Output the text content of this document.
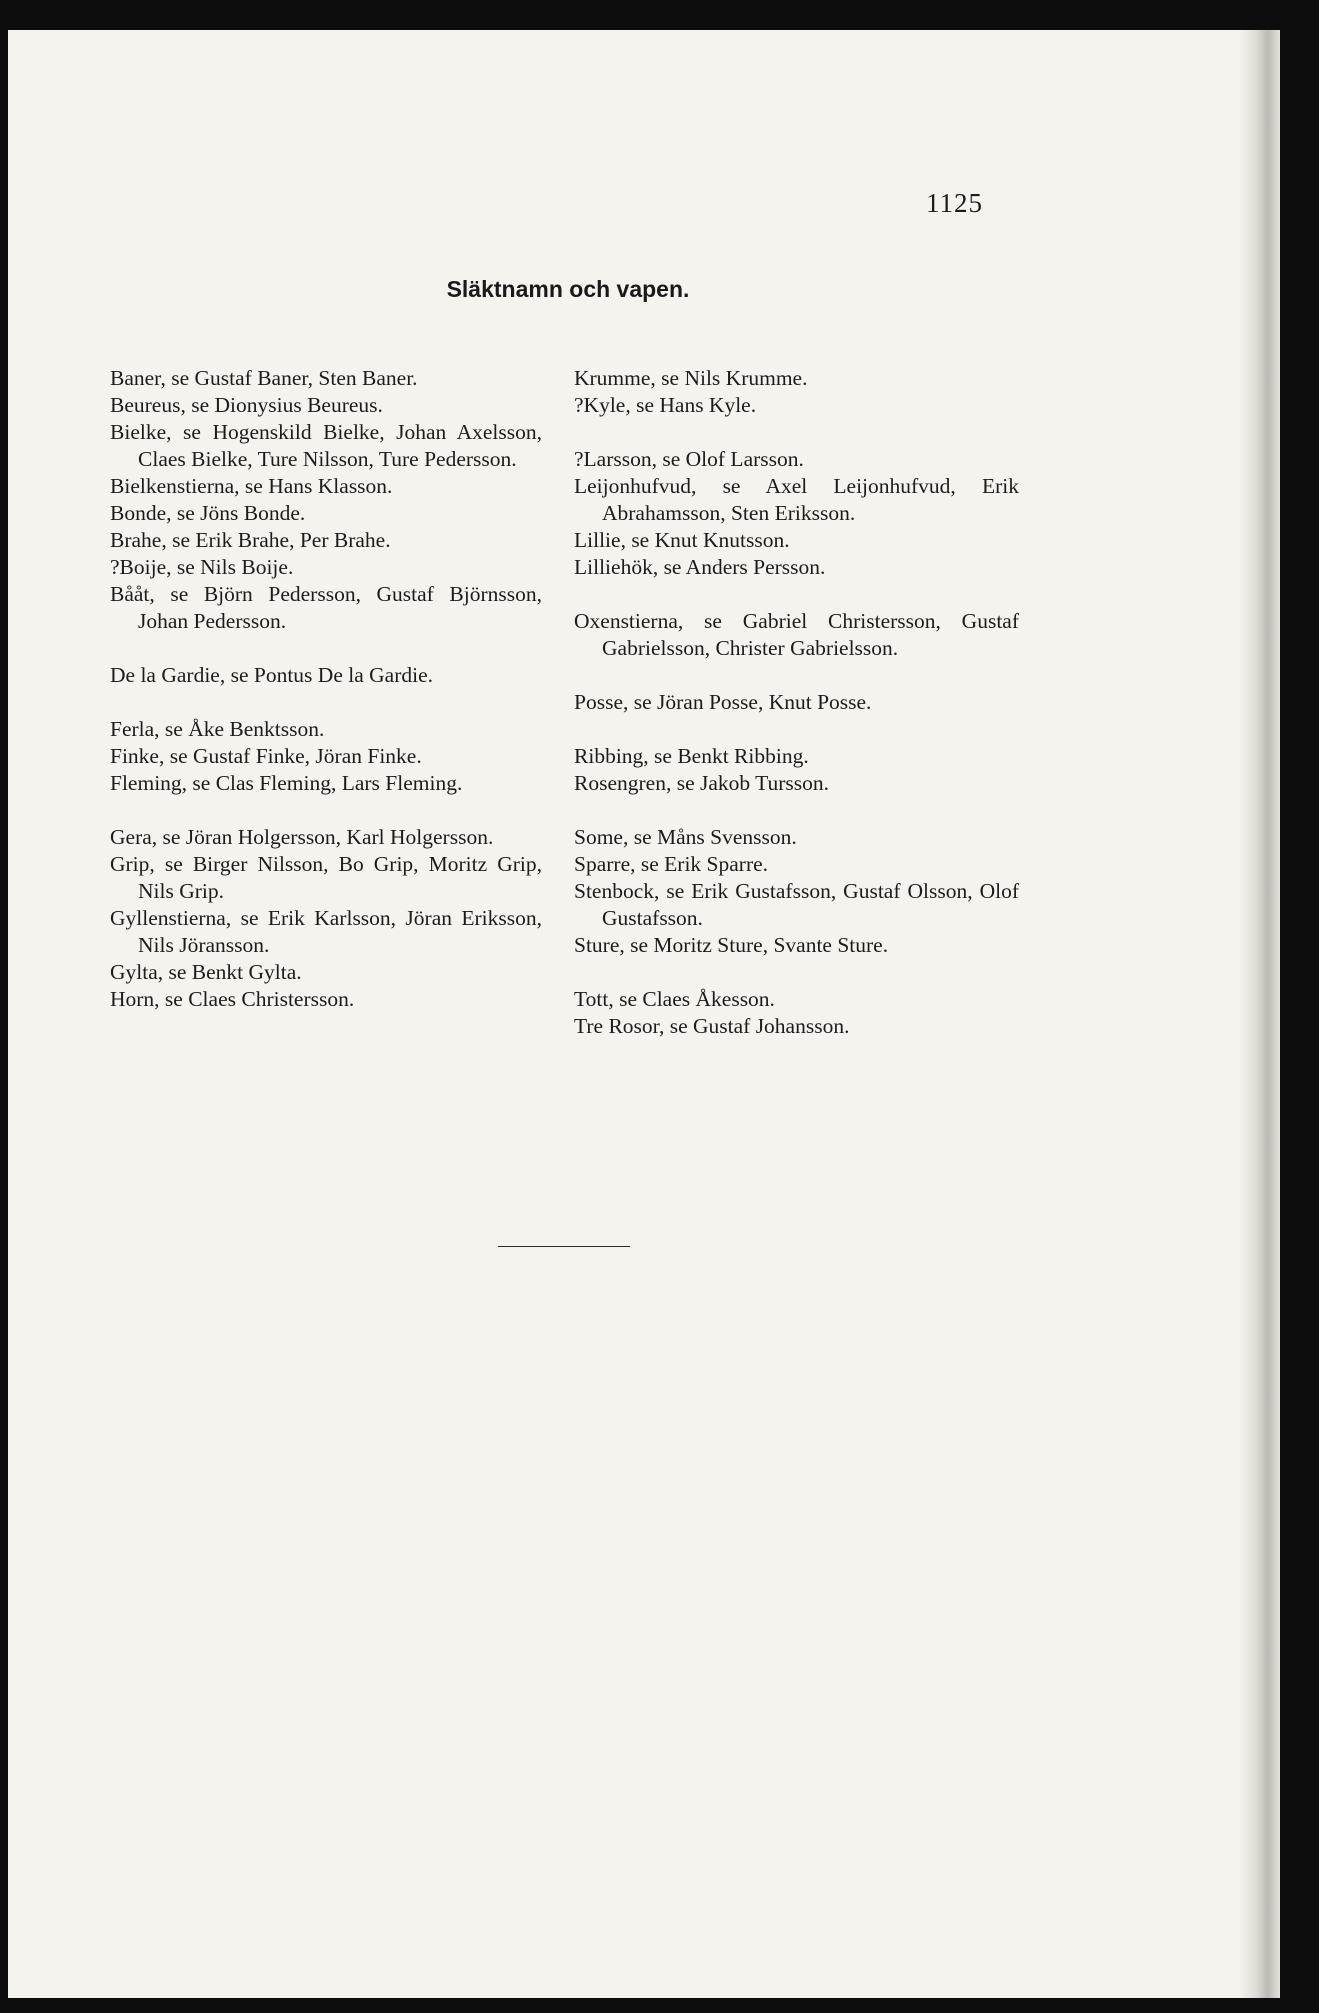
1125
Släktnamn och vapen.
Baner, se Gustaf Baner, Sten Baner.
Beureus, se Dionysius Beureus.
Bielke, se Hogenskild Bielke, Johan Axelsson, Claes Bielke, Ture Nilsson, Ture Pedersson.
Bielkenstierna, se Hans Klasson.
Bonde, se Jöns Bonde.
Brahe, se Erik Brahe, Per Brahe.
?Boije, se Nils Boije.
Bååt, se Björn Pedersson, Gustaf Björnsson, Johan Pedersson.
De la Gardie, se Pontus De la Gardie.
Ferla, se Åke Benktsson.
Finke, se Gustaf Finke, Jöran Finke.
Fleming, se Clas Fleming, Lars Fleming.
Gera, se Jöran Holgersson, Karl Holgersson.
Grip, se Birger Nilsson, Bo Grip, Moritz Grip, Nils Grip.
Gyllenstierna, se Erik Karlsson, Jöran Eriksson, Nils Jöransson.
Gylta, se Benkt Gylta.
Horn, se Claes Christersson.
Krumme, se Nils Krumme.
?Kyle, se Hans Kyle.
?Larsson, se Olof Larsson.
Leijonhufvud, se Axel Leijonhufvud, Erik Abrahamsson, Sten Eriksson.
Lillie, se Knut Knutsson.
Lilliehök, se Anders Persson.
Oxenstierna, se Gabriel Christersson, Gustaf Gabrielsson, Christer Gabrielsson.
Posse, se Jöran Posse, Knut Posse.
Ribbing, se Benkt Ribbing.
Rosengren, se Jakob Tursson.
Some, se Måns Svensson.
Sparre, se Erik Sparre.
Stenbock, se Erik Gustafsson, Gustaf Olsson, Olof Gustafsson.
Sture, se Moritz Sture, Svante Sture.
Tott, se Claes Åkesson.
Tre Rosor, se Gustaf Johansson.
